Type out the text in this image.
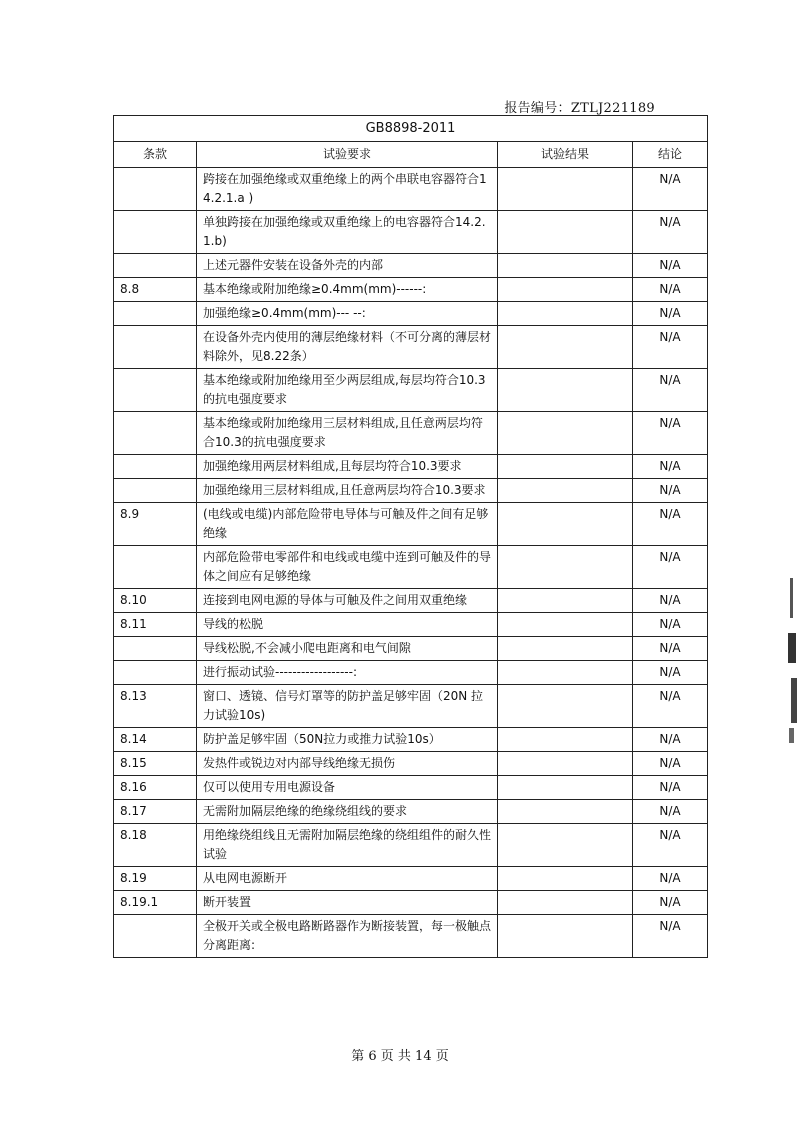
报告编号：ZTLJ221189
GB8898-2011			
条款	试验要求	试验结果	结论
	跨接在加强绝缘或双重绝缘上的两个串联电容器符合14.2.1.a )		N/A
	单独跨接在加强绝缘或双重绝缘上的电容器符合14.2.1.b)		N/A
	上述元器件安装在设备外壳的内部		N/A
8.8	基本绝缘或附加绝缘≥0.4mm(mm)------:		N/A
	加强绝缘≥0.4mm(mm)--- --:		N/A
	在设备外壳内使用的薄层绝缘材料（不可分离的薄层材料除外，见8.22条）		N/A
	基本绝缘或附加绝缘用至少两层组成,每层均符合10.3的抗电强度要求		N/A
	基本绝缘或附加绝缘用三层材料组成,且任意两层均符合10.3的抗电强度要求		N/A
	加强绝缘用两层材料组成,且每层均符合10.3要求		N/A
	加强绝缘用三层材料组成,且任意两层均符合10.3要求		N/A
8.9	(电线或电缆)内部危险带电导体与可触及件之间有足够绝缘		N/A
	内部危险带电零部件和电线或电缆中连到可触及件的导体之间应有足够绝缘		N/A
8.10	连接到电网电源的导体与可触及件之间用双重绝缘		N/A
8.11	导线的松脱		N/A
	导线松脱,不会减小爬电距离和电气间隙		N/A
	进行振动试验------------------:		N/A
8.13	窗口、透镜、信号灯罩等的防护盖足够牢固（20N 拉力试验10s)		N/A
8.14	防护盖足够牢固（50N拉力或推力试验10s）		N/A
8.15	发热件或锐边对内部导线绝缘无损伤		N/A
8.16	仅可以使用专用电源设备		N/A
8.17	无需附加隔层绝缘的绝缘绕组线的要求		N/A
8.18	用绝缘绕组线且无需附加隔层绝缘的绕组组件的耐久性试验		N/A
8.19	从电网电源断开		N/A
8.19.1	断开装置		N/A
	全极开关或全极电路断路器作为断接装置，每一极触点分离距离:		N/A
第 6 页 共 14 页
